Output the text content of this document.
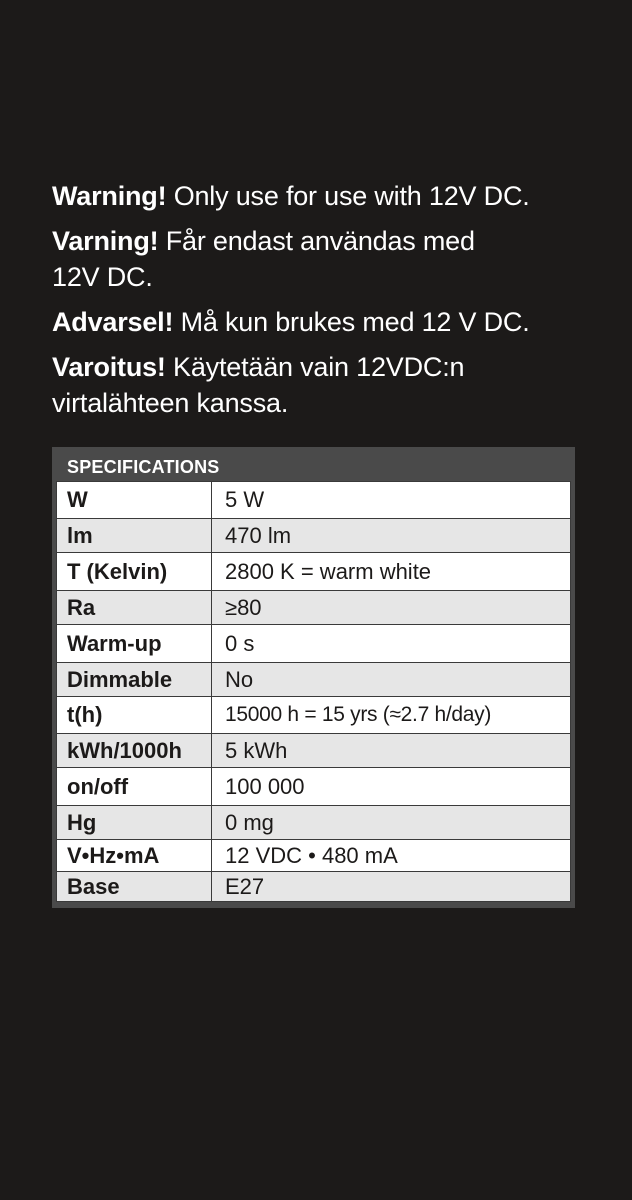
Warning! Only use for use with 12V DC.

Varning! Får endast användas med 12V DC.

Advarsel! Må kun brukes med 12 V DC.

Varoitus! Käytetään vain 12VDC:n virtalähteen kanssa.

SPECIFICATIONS
W	5 W
lm	470 lm
T (Kelvin)	2800 K = warm white
Ra	≥80
Warm-up	0 s
Dimmable	No
t(h)	15000 h = 15 yrs (≈2.7 h/day)
kWh/1000h	5 kWh
on/off	100 000
Hg	0 mg
V•Hz•mA	12 VDC • 480 mA
Base	E27
